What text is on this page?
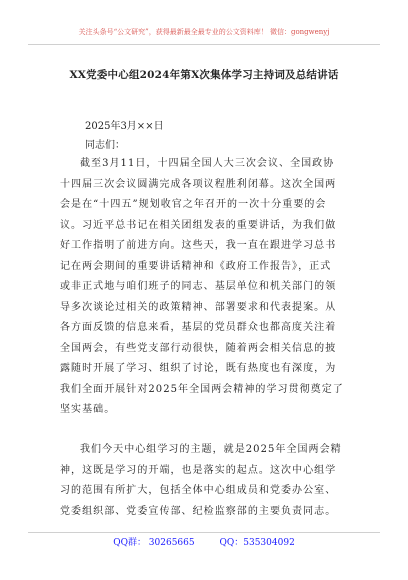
关注头条号“公文研究”，获得最新最全最专业的公文资料库！ 微信：gongwenyj
XX党委中心组2024年第X次集体学习主持词及总结讲话
2025年3月××日
同志们：
截至3月11日，十四届全国人大三次会议、全国政协
十四届三次会议圆满完成各项议程胜利闭幕。这次全国两
会是在“十四五”规划收官之年召开的一次十分重要的会
议。习近平总书记在相关团组发表的重要讲话，为我们做
好工作指明了前进方向。这些天，我一直在跟进学习总书
记在两会期间的重要讲话精神和《政府工作报告》，正式
或非正式地与咱们班子的同志、基层单位和机关部门的领
导多次谈论过相关的政策精神、部署要求和代表提案。从
各方面反馈的信息来看，基层的党员群众也都高度关注着
全国两会，有些党支部行动很快，随着两会相关信息的披
露随时开展了学习、组织了讨论，既有热度也有深度，为
我们全面开展针对2025年全国两会精神的学习贯彻奠定了
坚实基础。
我们今天中心组学习的主题，就是2025年全国两会精
神，这既是学习的开端，也是落实的起点。这次中心组学
习的范围有所扩大，包括全体中心组成员和党委办公室、
党委组织部、党委宣传部、纪检监察部的主要负责同志。
QQ群： 30265665	QQ：535304092
